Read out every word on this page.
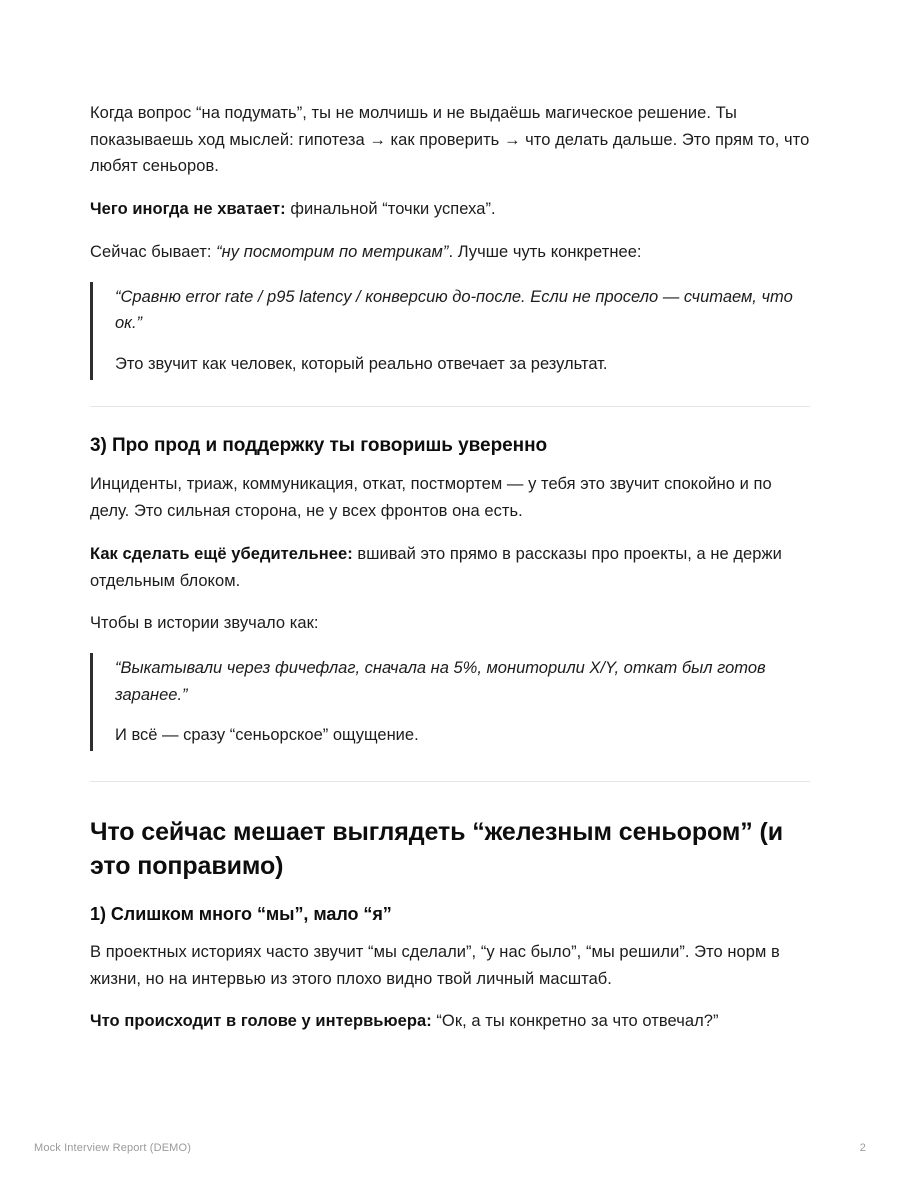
Когда вопрос “на подумать”, ты не молчишь и не выдаёшь магическое решение. Ты показываешь ход мыслей: гипотеза → как проверить → что делать дальше. Это прям то, что любят сеньоров.

Чего иногда не хватает: финальной “точки успеха”.

Сейчас бывает: “ну посмотрим по метрикам”. Лучше чуть конкретнее:

“Сравню error rate / p95 latency / конверсию до-после. Если не просело — считаем, что ок.”

Это звучит как человек, который реально отвечает за результат.

3) Про прод и поддержку ты говоришь уверенно

Инциденты, триаж, коммуникация, откат, постмортем — у тебя это звучит спокойно и по делу. Это сильная сторона, не у всех фронтов она есть.

Как сделать ещё убедительнее: вшивай это прямо в рассказы про проекты, а не держи отдельным блоком.

Чтобы в истории звучало как:

“Выкатывали через фичефлаг, сначала на 5%, мониторили X/Y, откат был готов заранее.”

И всё — сразу “сеньорское” ощущение.

Что сейчас мешает выглядеть “железным сеньором” (и это поправимо)
1) Слишком много “мы”, мало “я”

В проектных историях часто звучит “мы сделали”, “у нас было”, “мы решили”. Это норм в жизни, но на интервью из этого плохо видно твой личный масштаб.

Что происходит в голове у интервьюера: “Ок, а ты конкретно за что отвечал?”

Mock Interview Report (DEMO)	2
